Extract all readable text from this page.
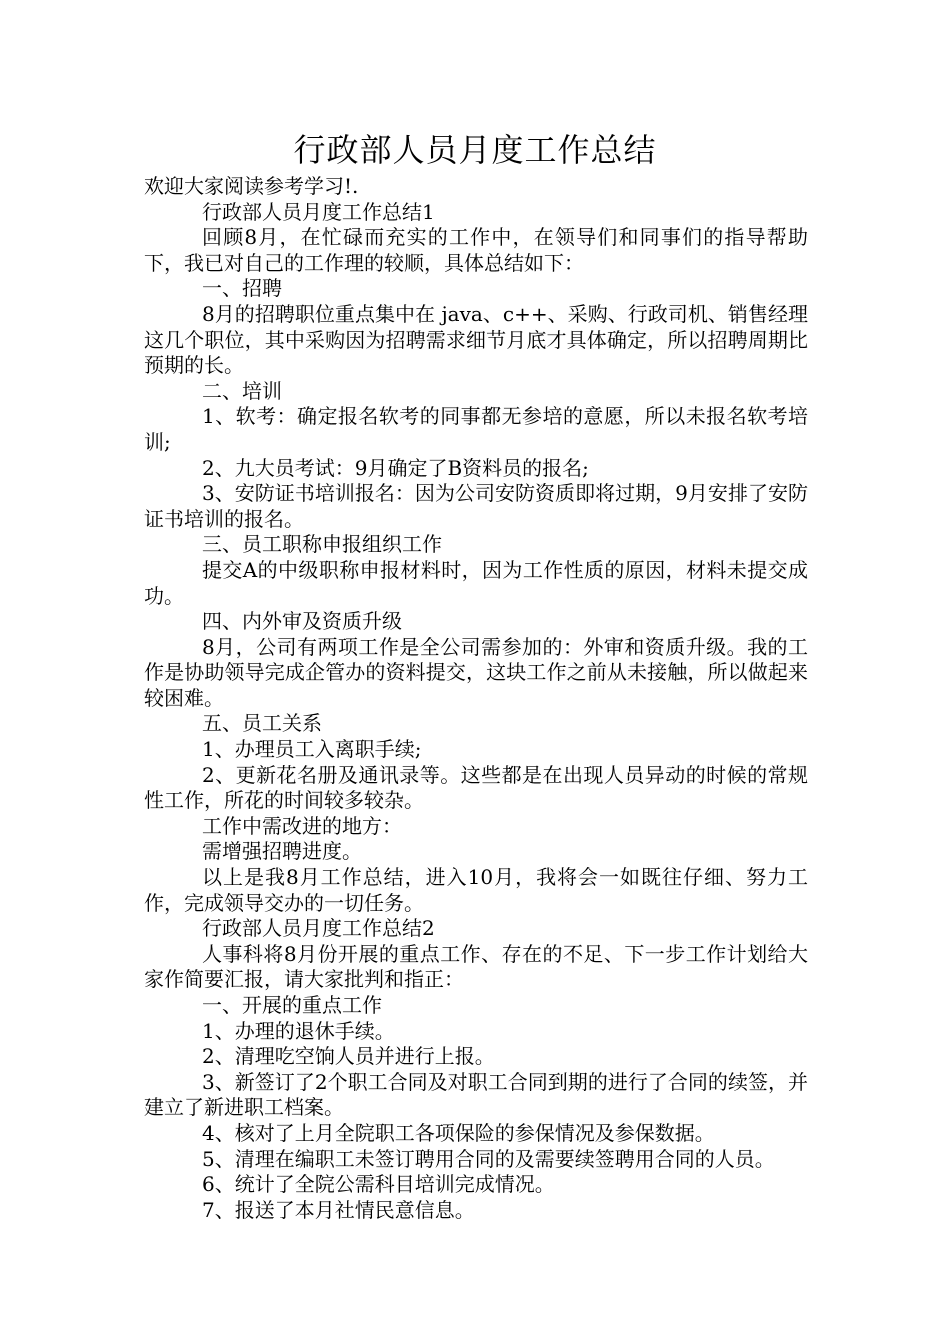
行政部人员月度工作总结

欢迎大家阅读参考学习!.

行政部人员月度工作总结1

回顾8月，在忙碌而充实的工作中，在领导们和同事们的指导帮助下，我已对自己的工作理的较顺，具体总结如下：

一、招聘

8月的招聘职位重点集中在 java、c++、采购、行政司机、销售经理这几个职位，其中采购因为招聘需求细节月底才具体确定，所以招聘周期比预期的长。

二、培训

1、软考：确定报名软考的同事都无参培的意愿，所以未报名软考培训;

2、九大员考试：9月确定了B资料员的报名;

3、安防证书培训报名：因为公司安防资质即将过期，9月安排了安防证书培训的报名。

三、员工职称申报组织工作

提交A的中级职称申报材料时，因为工作性质的原因，材料未提交成功。

四、内外审及资质升级

8月，公司有两项工作是全公司需参加的：外审和资质升级。我的工作是协助领导完成企管办的资料提交，这块工作之前从未接触，所以做起来较困难。

五、员工关系

1、办理员工入离职手续;

2、更新花名册及通讯录等。这些都是在出现人员异动的时候的常规性工作，所花的时间较多较杂。

工作中需改进的地方：

需增强招聘进度。

以上是我8月工作总结，进入10月，我将会一如既往仔细、努力工作，完成领导交办的一切任务。

行政部人员月度工作总结2

人事科将8月份开展的重点工作、存在的不足、下一步工作计划给大家作简要汇报，请大家批判和指正：

一、开展的重点工作

1、办理的退休手续。

2、清理吃空饷人员并进行上报。

3、新签订了2个职工合同及对职工合同到期的进行了合同的续签，并建立了新进职工档案。

4、核对了上月全院职工各项保险的参保情况及参保数据。

5、清理在编职工未签订聘用合同的及需要续签聘用合同的人员。

6、统计了全院公需科目培训完成情况。

7、报送了本月社情民意信息。
